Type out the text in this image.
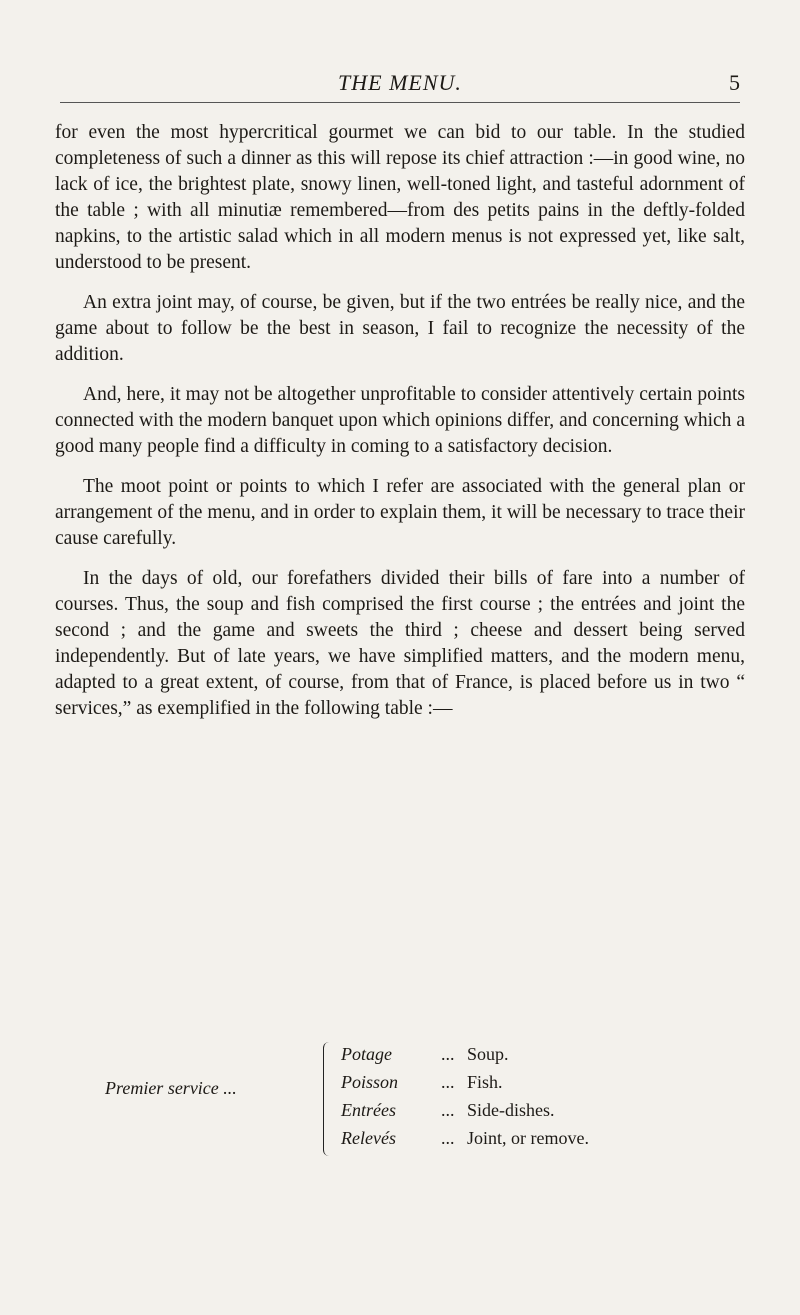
THE MENU.	5

for even the most hypercritical gourmet we can bid to our table. In the studied completeness of such a dinner as this will repose its chief attraction :—in good wine, no lack of ice, the brightest plate, snowy linen, well-toned light, and tasteful adornment of the table ; with all minutiæ remembered—from des petits pains in the deftly-folded napkins, to the artistic salad which in all modern menus is not expressed yet, like salt, understood to be present.

An extra joint may, of course, be given, but if the two entrées be really nice, and the game about to follow be the best in season, I fail to recognize the necessity of the addition.

And, here, it may not be altogether unprofitable to consider attentively certain points connected with the modern banquet upon which opinions differ, and concerning which a good many people find a difficulty in coming to a satisfactory decision.

The moot point or points to which I refer are associated with the general plan or arrangement of the menu, and in order to explain them, it will be necessary to trace their cause carefully.

In the days of old, our forefathers divided their bills of fare into a number of courses. Thus, the soup and fish comprised the first course ; the entrées and joint the second ; and the game and sweets the third ; cheese and dessert being served independently. But of late years, we have simplified matters, and the modern menu, adapted to a great extent, of course, from that of France, is placed before us in two “ services,” as exemplified in the following table :—

Premier service ...
Potage	... Soup.
Poisson ... Fish.
Entrées	... Side-dishes.
Relevés	... Joint, or remove.
